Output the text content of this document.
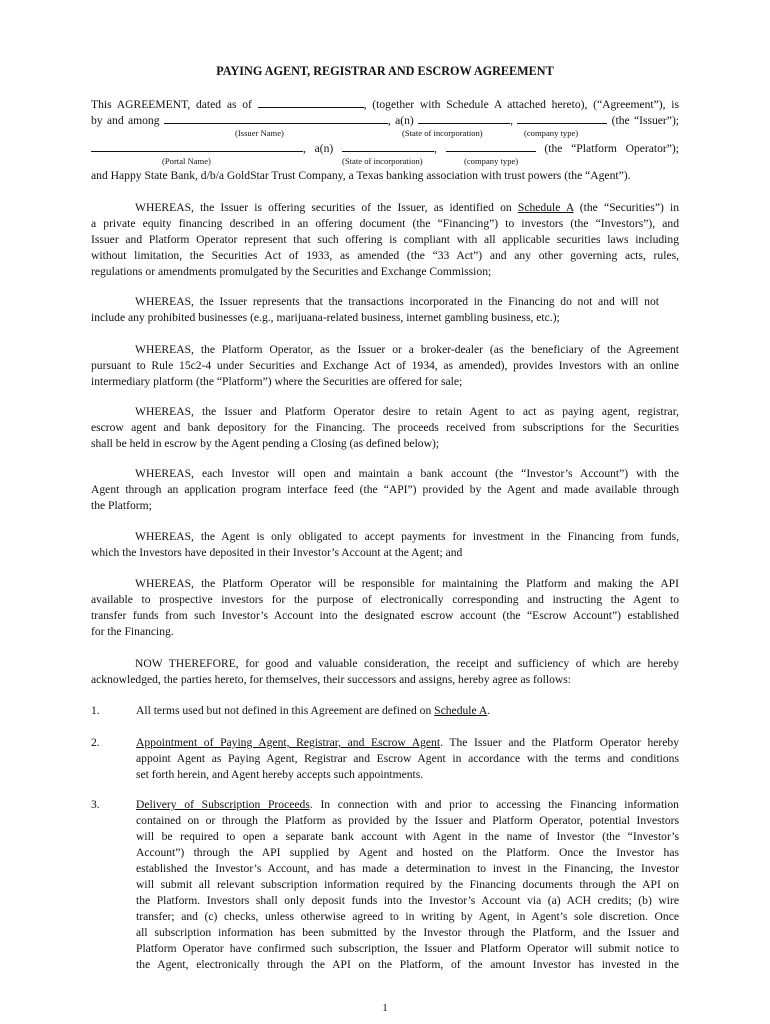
PAYING AGENT, REGISTRAR AND ESCROW AGREEMENT
This AGREEMENT, dated as of	, (together with Schedule A attached hereto), (“Agreement”), is
by and among	, a(n)	,	(the “Issuer”);
(Issuer Name)	(State of incorporation)	(company type)
, a(n)	,	(the “Platform Operator”);
(Portal Name)	(State of incorporation)	(company type)
and Happy State Bank, d/b/a GoldStar Trust Company, a Texas banking association with trust powers (the “Agent”).
WHEREAS, the Issuer is offering securities of the Issuer, as identified on Schedule A (the “Securities”) in
a private equity financing described in an offering document (the “Financing”) to investors (the “Investors”), and
Issuer and Platform Operator represent that such offering is compliant with all applicable securities laws including
without limitation, the Securities Act of 1933, as amended (the “33 Act”) and any other governing acts, rules,
regulations or amendments promulgated by the Securities and Exchange Commission;
WHEREAS, the Issuer represents that the transactions incorporated in the Financing do not and will not
include any prohibited businesses (e.g., marijuana-related business, internet gambling business, etc.);
WHEREAS, the Platform Operator, as the Issuer or a broker-dealer (as the beneficiary of the Agreement
pursuant to Rule 15c2-4 under Securities and Exchange Act of 1934, as amended), provides Investors with an online
intermediary platform (the “Platform”) where the Securities are offered for sale;
WHEREAS, the Issuer and Platform Operator desire to retain Agent to act as paying agent, registrar,
escrow agent and bank depository for the Financing. The proceeds received from subscriptions for the Securities
shall be held in escrow by the Agent pending a Closing (as defined below);
WHEREAS, each Investor will open and maintain a bank account (the “Investor’s Account”) with the
Agent through an application program interface feed (the “API”) provided by the Agent and made available through
the Platform;
WHEREAS, the Agent is only obligated to accept payments for investment in the Financing from funds,
which the Investors have deposited in their Investor’s Account at the Agent; and
WHEREAS, the Platform Operator will be responsible for maintaining the Platform and making the API
available to prospective investors for the purpose of electronically corresponding and instructing the Agent to
transfer funds from such Investor’s Account into the designated escrow account (the “Escrow Account”) established
for the Financing.
NOW THEREFORE, for good and valuable consideration, the receipt and sufficiency of which are hereby
acknowledged, the parties hereto, for themselves, their successors and assigns, hereby agree as follows:
1.	All terms used but not defined in this Agreement are defined on Schedule A.
2.	Appointment of Paying Agent, Registrar, and Escrow Agent. The Issuer and the Platform Operator hereby
appoint Agent as Paying Agent, Registrar and Escrow Agent in accordance with the terms and conditions
set forth herein, and Agent hereby accepts such appointments.
3.	Delivery of Subscription Proceeds. In connection with and prior to accessing the Financing information
contained on or through the Platform as provided by the Issuer and Platform Operator, potential Investors
will be required to open a separate bank account with Agent in the name of Investor (the “Investor’s
Account”) through the API supplied by Agent and hosted on the Platform. Once the Investor has
established the Investor’s Account, and has made a determination to invest in the Financing, the Investor
will submit all relevant subscription information required by the Financing documents through the API on
the Platform. Investors shall only deposit funds into the Investor’s Account via (a) ACH credits; (b) wire
transfer; and (c) checks, unless otherwise agreed to in writing by Agent, in Agent’s sole discretion. Once
all subscription information has been submitted by the Investor through the Platform, and the Issuer and
Platform Operator have confirmed such subscription, the Issuer and Platform Operator will submit notice to
the Agent, electronically through the API on the Platform, of the amount Investor has invested in the
1
